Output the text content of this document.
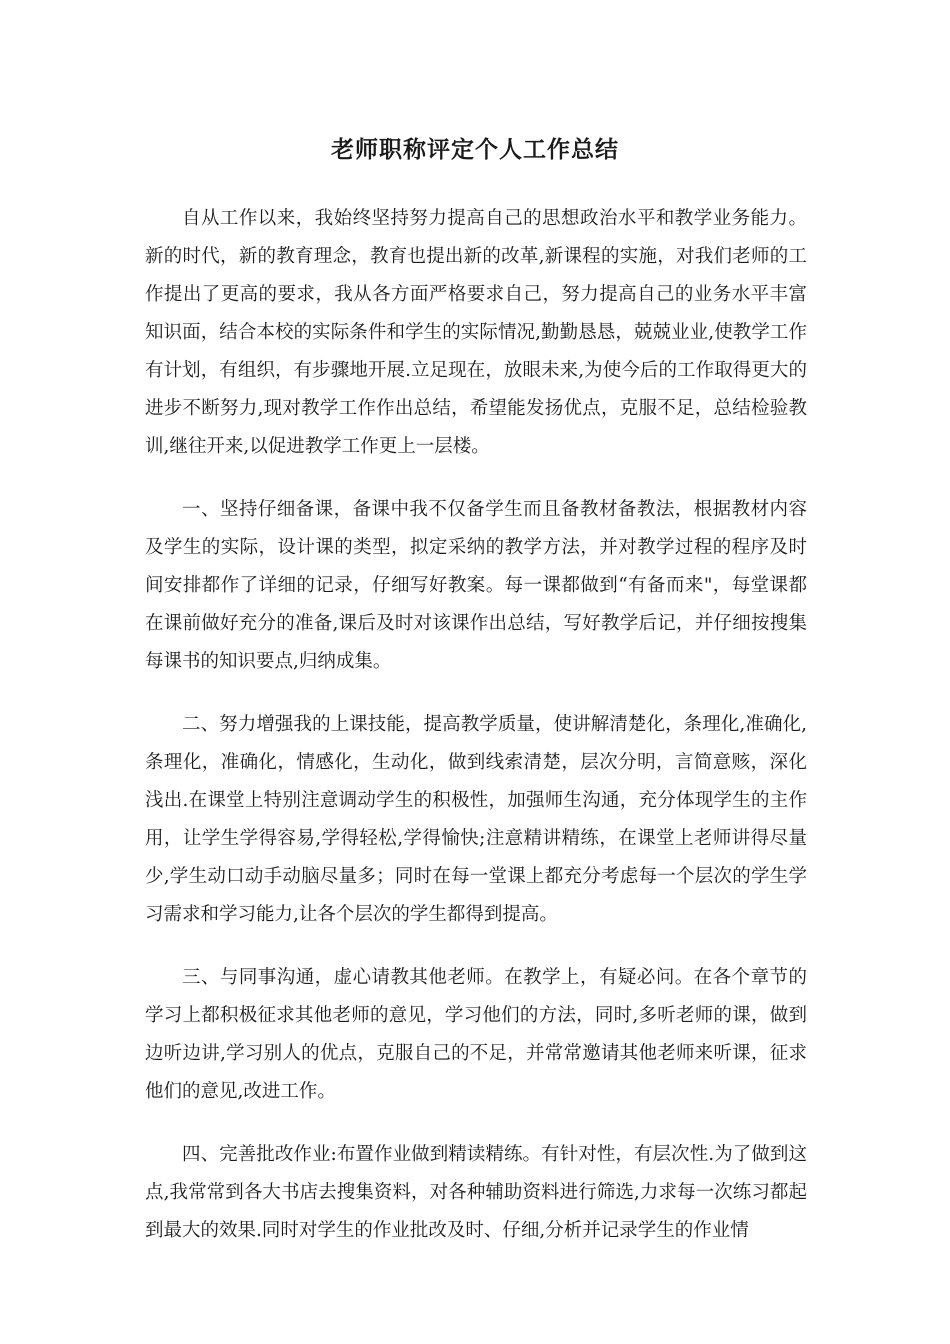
老师职称评定个人工作总结

自从工作以来，我始终坚持努力提高自己的思想政治水平和教学业务能力。新的时代，新的教育理念，教育也提出新的改革,新课程的实施，对我们老师的工作提出了更高的要求，我从各方面严格要求自己，努力提高自己的业务水平丰富知识面，结合本校的实际条件和学生的实际情况,勤勤恳恳，兢兢业业,使教学工作有计划，有组织，有步骤地开展.立足现在，放眼未来,为使今后的工作取得更大的进步不断努力,现对教学工作作出总结，希望能发扬优点，克服不足，总结检验教训,继往开来,以促进教学工作更上一层楼。

一、坚持仔细备课，备课中我不仅备学生而且备教材备教法，根据教材内容及学生的实际，设计课的类型，拟定采纳的教学方法，并对教学过程的程序及时间安排都作了详细的记录，仔细写好教案。每一课都做到“有备而来"，每堂课都在课前做好充分的准备,课后及时对该课作出总结，写好教学后记，并仔细按搜集每课书的知识要点,归纳成集。

二、努力增强我的上课技能，提高教学质量，使讲解清楚化，条理化,准确化,条理化，准确化，情感化，生动化，做到线索清楚，层次分明，言简意赅，深化浅出.在课堂上特别注意调动学生的积极性，加强师生沟通，充分体现学生的主作用，让学生学得容易,学得轻松,学得愉快;注意精讲精练，在课堂上老师讲得尽量少,学生动口动手动脑尽量多；同时在每一堂课上都充分考虑每一个层次的学生学习需求和学习能力,让各个层次的学生都得到提高。

三、与同事沟通，虚心请教其他老师。在教学上，有疑必问。在各个章节的学习上都积极征求其他老师的意见，学习他们的方法，同时,多听老师的课，做到边听边讲,学习别人的优点，克服自己的不足，并常常邀请其他老师来听课，征求他们的意见,改进工作。

四、完善批改作业:布置作业做到精读精练。有针对性，有层次性.为了做到这点,我常常到各大书店去搜集资料，对各种辅助资料进行筛选,力求每一次练习都起到最大的效果.同时对学生的作业批改及时、仔细,分析并记录学生的作业情
